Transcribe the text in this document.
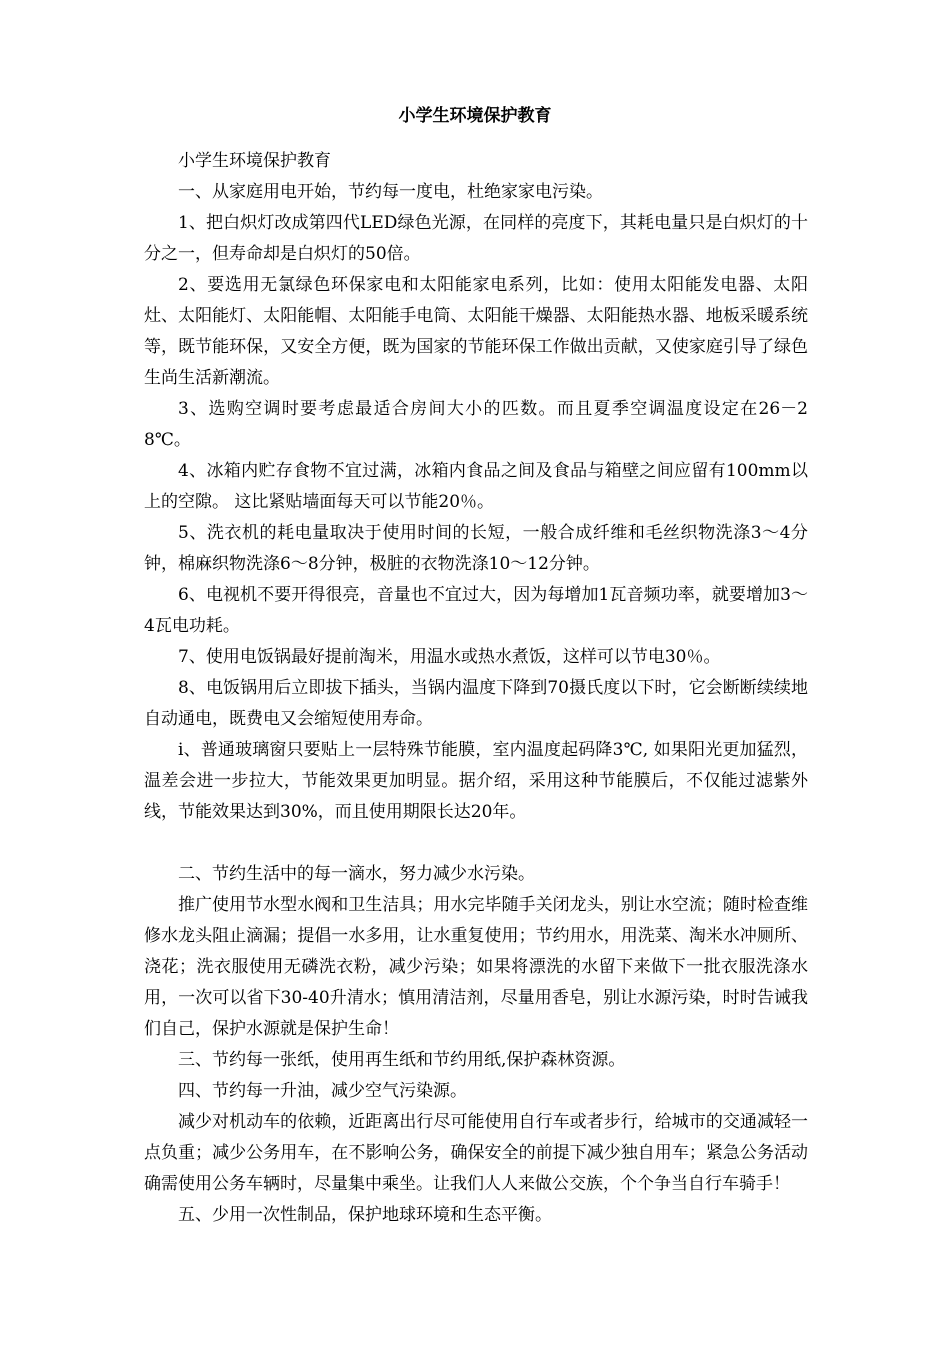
小学生环境保护教育

小学生环境保护教育

一、从家庭用电开始，节约每一度电，杜绝家家电污染。

1、把白炽灯改成第四代LED绿色光源，在同样的亮度下，其耗电量只是白炽灯的十分之一，但寿命却是白炽灯的50倍。

2、要选用无氯绿色环保家电和太阳能家电系列，比如：使用太阳能发电器、太阳灶、太阳能灯、太阳能帽、太阳能手电筒、太阳能干燥器、太阳能热水器、地板采暖系统等，既节能环保，又安全方便，既为国家的节能环保工作做出贡献，又使家庭引导了绿色生尚生活新潮流。

3、选购空调时要考虑最适合房间大小的匹数。而且夏季空调温度设定在26－28℃。

4、冰箱内贮存食物不宜过满，冰箱内食品之间及食品与箱壁之间应留有100mm以上的空隙。 这比紧贴墙面每天可以节能20％。

5、洗衣机的耗电量取决于使用时间的长短，一般合成纤维和毛丝织物洗涤3～4分钟，棉麻织物洗涤6～8分钟，极脏的衣物洗涤10～12分钟。

6、电视机不要开得很亮，音量也不宜过大，因为每增加1瓦音频功率，就要增加3～4瓦电功耗。

7、使用电饭锅最好提前淘米，用温水或热水煮饭，这样可以节电30％。

8、电饭锅用后立即拔下插头，当锅内温度下降到70摄氏度以下时，它会断断续续地自动通电，既费电又会缩短使用寿命。

i、普通玻璃窗只要贴上一层特殊节能膜，室内温度起码降3℃, 如果阳光更加猛烈，温差会进一步拉大，节能效果更加明显。据介绍，采用这种节能膜后，不仅能过滤紫外线，节能效果达到30%，而且使用期限长达20年。

二、节约生活中的每一滴水，努力减少水污染。

推广使用节水型水阀和卫生洁具；用水完毕随手关闭龙头，别让水空流；随时检查维修水龙头阻止滴漏；提倡一水多用，让水重复使用；节约用水，用洗菜、淘米水冲厕所、浇花；洗衣服使用无磷洗衣粉，减少污染；如果将漂洗的水留下来做下一批衣服洗涤水用，一次可以省下30-40升清水；慎用清洁剂，尽量用香皂，别让水源污染，时时告诫我们自己，保护水源就是保护生命！

三、节约每一张纸，使用再生纸和节约用纸,保护森林资源。

四、节约每一升油，减少空气污染源。

减少对机动车的依赖，近距离出行尽可能使用自行车或者步行，给城市的交通减轻一点负重；减少公务用车，在不影响公务，确保安全的前提下减少独自用车；紧急公务活动确需使用公务车辆时，尽量集中乘坐。让我们人人来做公交族，个个争当自行车骑手！

五、少用一次性制品，保护地球环境和生态平衡。
